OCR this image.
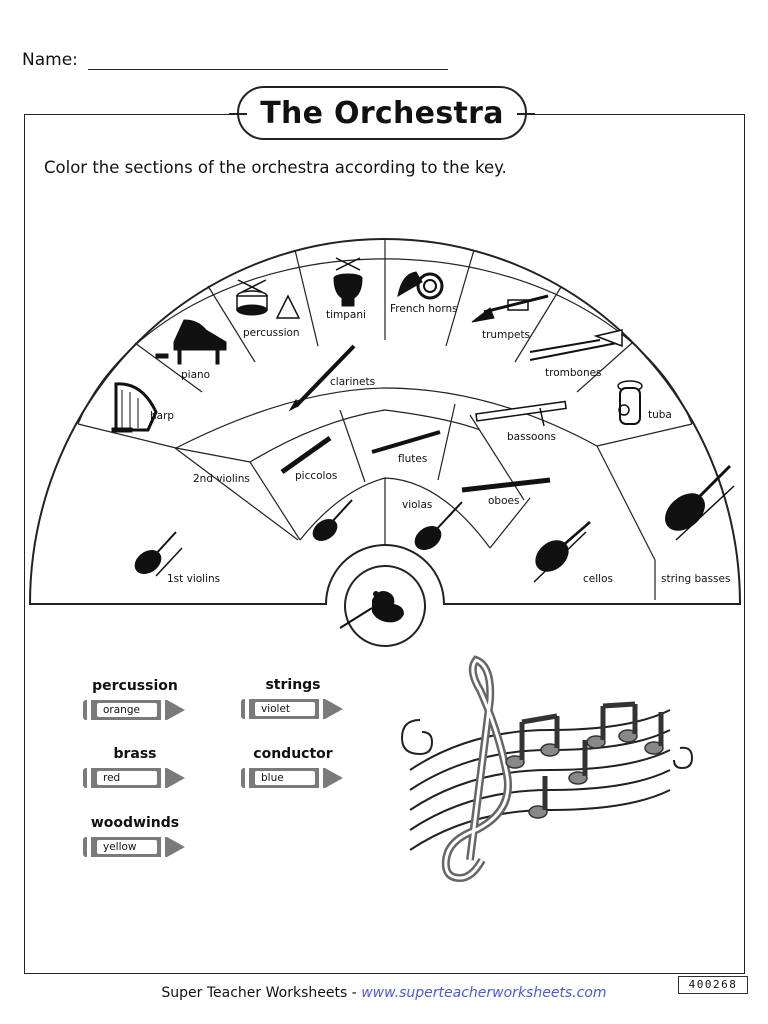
Name:
The Orchestra
Color the sections of the orchestra according to the key.
percussion
timpani French horns
trumpets
trombones
tuba
piano
harp
clarinets
bassoons
piccolos
flutes
oboes
violas
2nd violins
1st violins	cellos	string basses
percussion
orange
strings
violet
brass
red
conductor
blue
woodwinds
yellow
Super Teacher Worksheets - www.superteacherworksheets.com
400268
